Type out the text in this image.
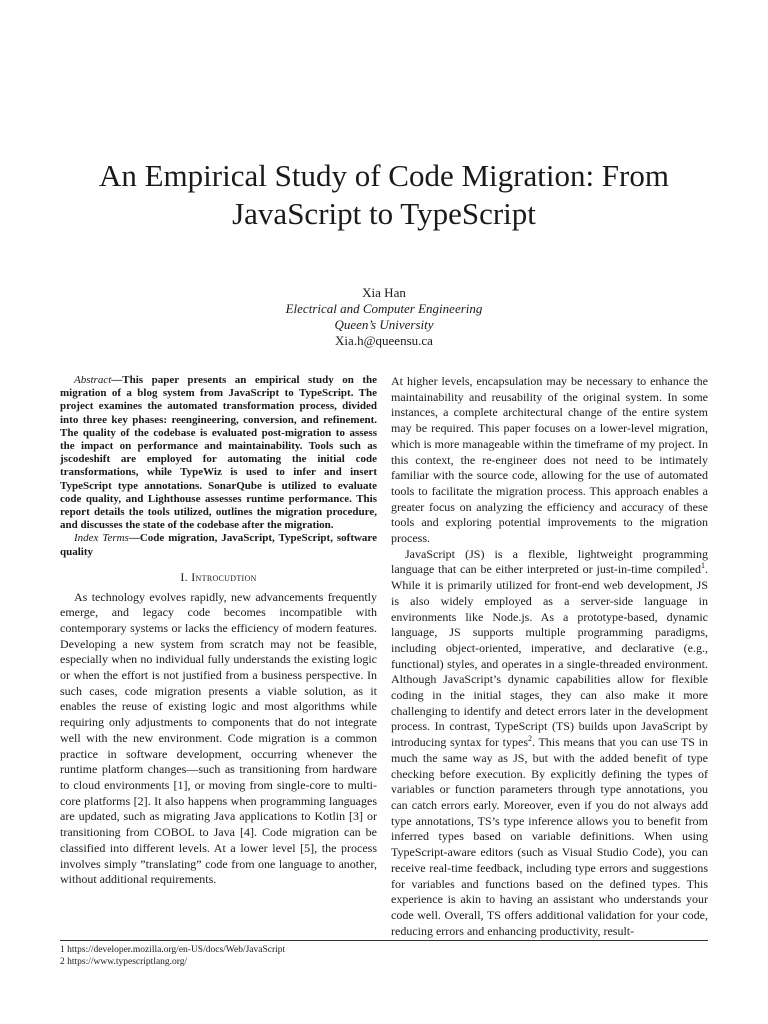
An Empirical Study of Code Migration: From
JavaScript to TypeScript
Xia Han
Electrical and Computer Engineering
Queen’s University
Xia.h@queensu.ca

Abstract—This paper presents an empirical study on the migration of a blog system from JavaScript to TypeScript. The project examines the automated transformation process, divided into three key phases: reengineering, conversion, and refinement. The quality of the codebase is evaluated post-migration to assess the impact on performance and maintainability. Tools such as jscodeshift are employed for automating the initial code transformations, while TypeWiz is used to infer and insert TypeScript type annotations. SonarQube is utilized to evaluate code quality, and Lighthouse assesses runtime performance. This report details the tools utilized, outlines the migration procedure, and discusses the state of the codebase after the migration.

Index Terms—Code migration, JavaScript, TypeScript, software quality

I. Introcudtion

As technology evolves rapidly, new advancements frequently emerge, and legacy code becomes incompatible with contemporary systems or lacks the efficiency of modern features. Developing a new system from scratch may not be feasible, especially when no individual fully understands the existing logic or when the effort is not justified from a business perspective. In such cases, code migration presents a viable solution, as it enables the reuse of existing logic and most algorithms while requiring only adjustments to components that do not integrate well with the new environment. Code migration is a common practice in software development, occurring whenever the runtime platform changes—such as transitioning from hardware to cloud environments [1], or moving from single-core to multi-core platforms [2]. It also happens when programming languages are updated, such as migrating Java applications to Kotlin [3] or transitioning from COBOL to Java [4]. Code migration can be classified into different levels. At a lower level [5], the process involves simply ”translating” code from one language to another, without additional requirements.

At higher levels, encapsulation may be necessary to enhance the maintainability and reusability of the original system. In some instances, a complete architectural change of the entire system may be required. This paper focuses on a lower-level migration, which is more manageable within the timeframe of my project. In this context, the re-engineer does not need to be intimately familiar with the source code, allowing for the use of automated tools to facilitate the migration process. This approach enables a greater focus on analyzing the efficiency and accuracy of these tools and exploring potential improvements to the migration process.

JavaScript (JS) is a flexible, lightweight programming language that can be either interpreted or just-in-time compiled$^1$. While it is primarily utilized for front-end web development, JS is also widely employed as a server-side language in environments like Node.js. As a prototype-based, dynamic language, JS supports multiple programming paradigms, including object-oriented, imperative, and declarative (e.g., functional) styles, and operates in a single-threaded environment. Although JavaScript’s dynamic capabilities allow for flexible coding in the initial stages, they can also make it more challenging to identify and detect errors later in the development process. In contrast, TypeScript (TS) builds upon JavaScript by introducing syntax for types$^2$. This means that you can use TS in much the same way as JS, but with the added benefit of type checking before execution. By explicitly defining the types of variables or function parameters through type annotations, you can catch errors early. Moreover, even if you do not always add type annotations, TS’s type inference allows you to benefit from inferred types based on variable definitions. When using TypeScript-aware editors (such as Visual Studio Code), you can receive real-time feedback, including type errors and suggestions for variables and functions based on the defined types. This experience is akin to having an assistant who understands your code well. Overall, TS offers additional validation for your code, reducing errors and enhancing productivity, result-

1 https://developer.mozilla.org/en-US/docs/Web/JavaScript
2 https://www.typescriptlang.org/
